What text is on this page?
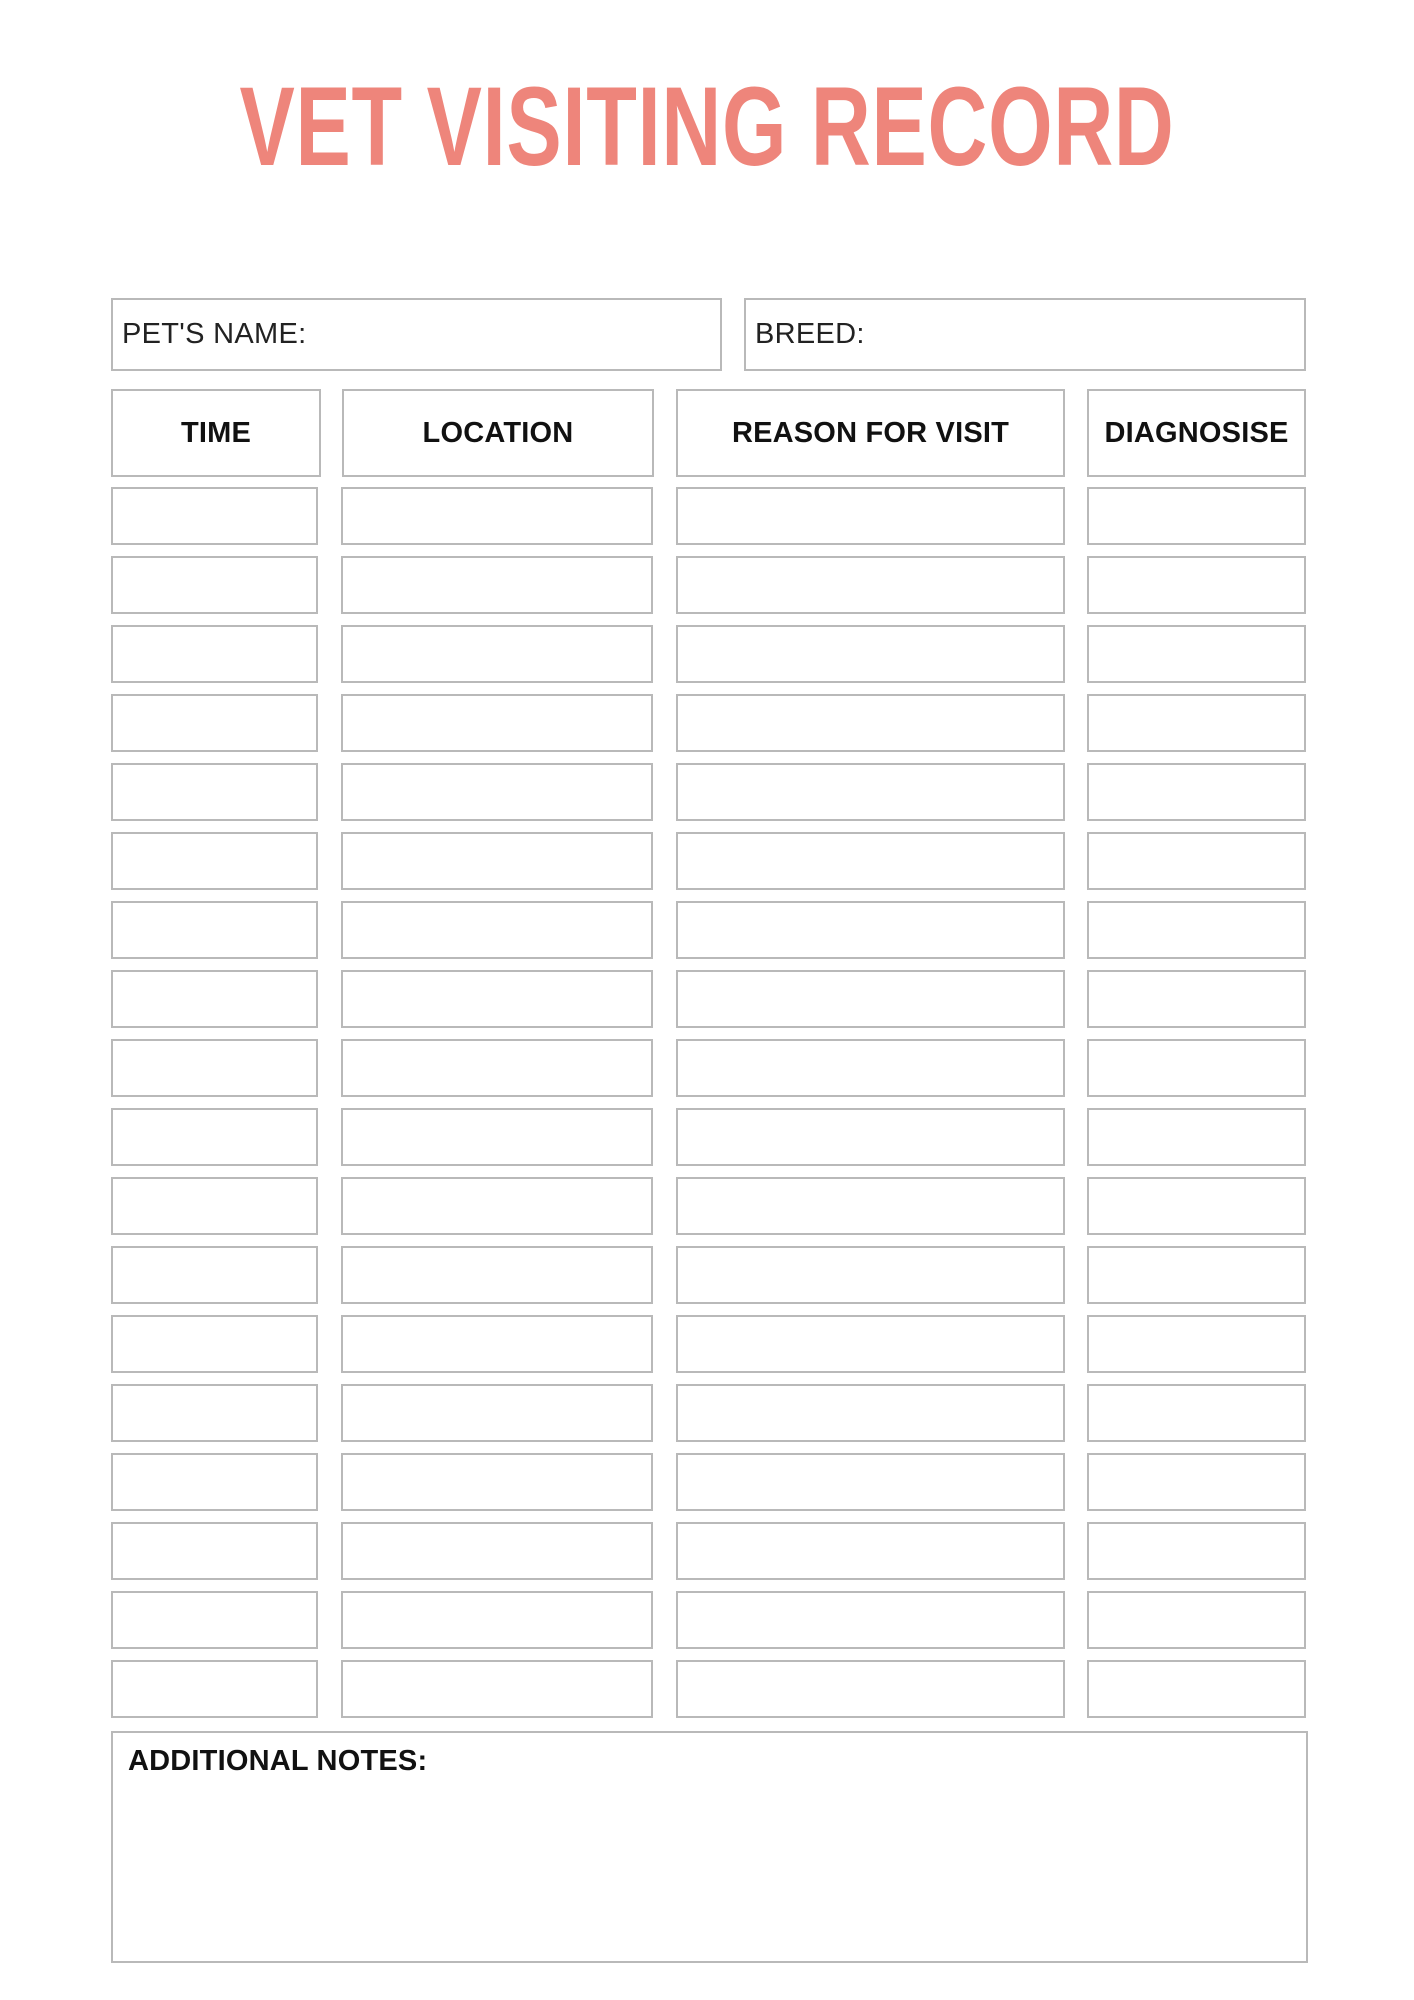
VET VISITING RECORD
PET'S NAME:	BREED:
TIME	LOCATION	REASON FOR VISIT	DIAGNOSISE
ADDITIONAL NOTES:
